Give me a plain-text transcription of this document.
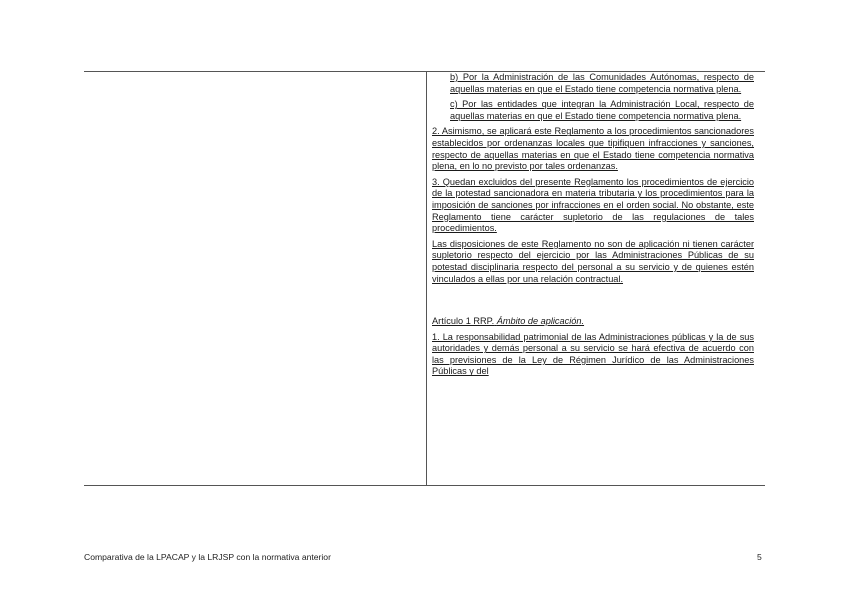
b) Por la Administración de las Comunidades Autónomas, respecto de aquellas materias en que el Estado tiene competencia normativa plena.

c) Por las entidades que integran la Administración Local, respecto de aquellas materias en que el Estado tiene competencia normativa plena.

2. Asimismo, se aplicará este Reglamento a los procedimientos sancionadores establecidos por ordenanzas locales que tipifiquen infracciones y sanciones, respecto de aquellas materias en que el Estado tiene competencia normativa plena, en lo no previsto por tales ordenanzas.

3. Quedan excluidos del presente Reglamento los procedimientos de ejercicio de la potestad sancionadora en materia tributaria y los procedimientos para la imposición de sanciones por infracciones en el orden social. No obstante, este Reglamento tiene carácter supletorio de las regulaciones de tales procedimientos.

Las disposiciones de este Reglamento no son de aplicación ni tienen carácter supletorio respecto del ejercicio por las Administraciones Públicas de su potestad disciplinaria respecto del personal a su servicio y de quienes estén vinculados a ellas por una relación contractual.

Artículo 1 RRP. Ámbito de aplicación.

1. La responsabilidad patrimonial de las Administraciones públicas y la de sus autoridades y demás personal a su servicio se hará efectiva de acuerdo con las previsiones de la Ley de Régimen Jurídico de las Administraciones Públicas y del

Comparativa de la LPACAP y la LRJSP con la normativa anterior	5
